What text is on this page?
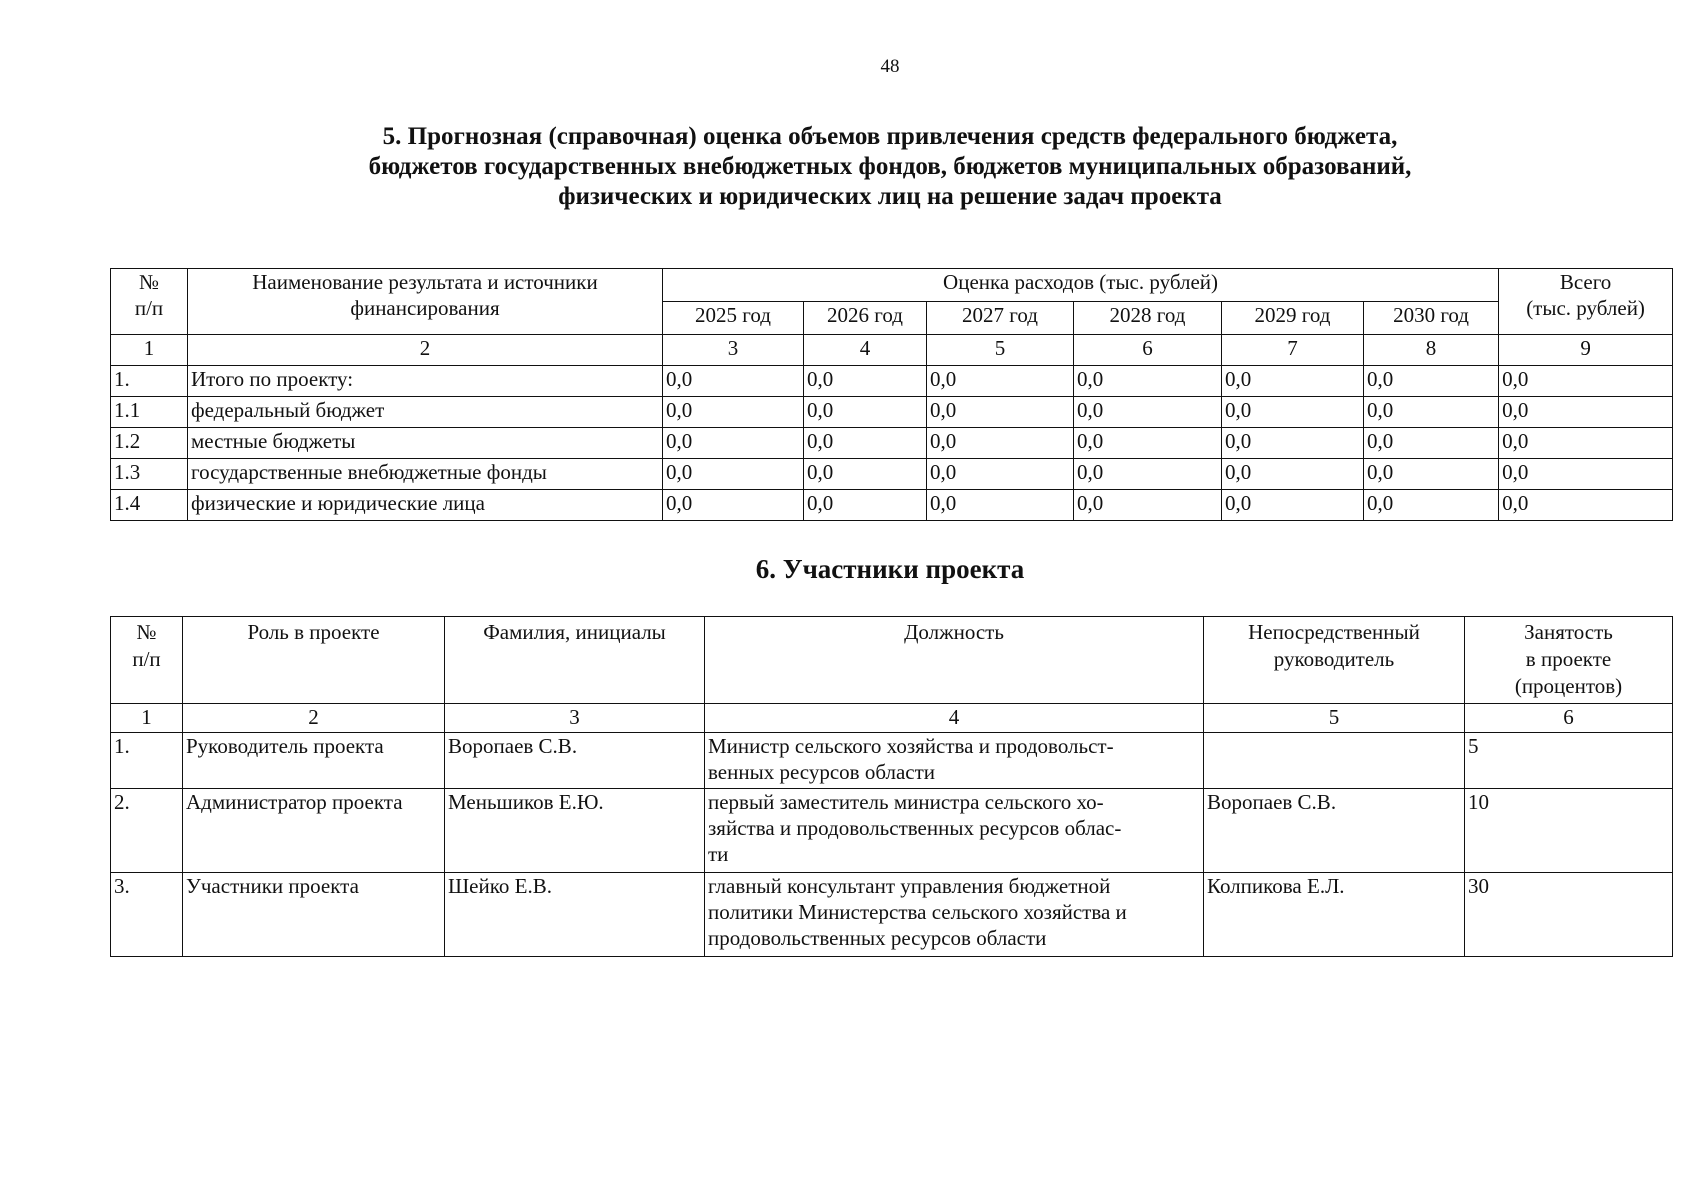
48
5. Прогнозная (справочная) оценка объемов привлечения средств федерального бюджета,
бюджетов государственных внебюджетных фондов, бюджетов муниципальных образований,
физических и юридических лиц на решение задач проекта
№
п/п	Наименование результата и источники финансирования	Оценка расходов (тыс. рублей)						Всего
(тыс. рублей)
		2025 год	2026 год	2027 год	2028 год	2029 год	2030 год	
1	2	3	4	5	6	7	8	9
1.	Итого по проекту:	0,0	0,0	0,0	0,0	0,0	0,0	0,0
1.1	федеральный бюджет	0,0	0,0	0,0	0,0	0,0	0,0	0,0
1.2	местные бюджеты	0,0	0,0	0,0	0,0	0,0	0,0	0,0
1.3	государственные внебюджетные фонды	0,0	0,0	0,0	0,0	0,0	0,0	0,0
1.4	физические и юридические лица	0,0	0,0	0,0	0,0	0,0	0,0	0,0
6. Участники проекта
№
п/п	Роль в проекте	Фамилия, инициалы	Должность	Непосредственный
руководитель	Занятость
в проекте
(процентов)
1	2	3	4	5	6
1.	Руководитель проекта	Воропаев С.В.	Министр сельского хозяйства и продовольст-
венных ресурсов области		5
2.	Администратор проекта	Меньшиков Е.Ю.	первый заместитель министра сельского хо-
зяйства и продовольственных ресурсов облас-
ти	Воропаев С.В.	10
3.	Участники проекта	Шейко Е.В.	главный консультант управления бюджетной
политики Министерства сельского хозяйства и
продовольственных ресурсов области	Колпикова Е.Л.	30
